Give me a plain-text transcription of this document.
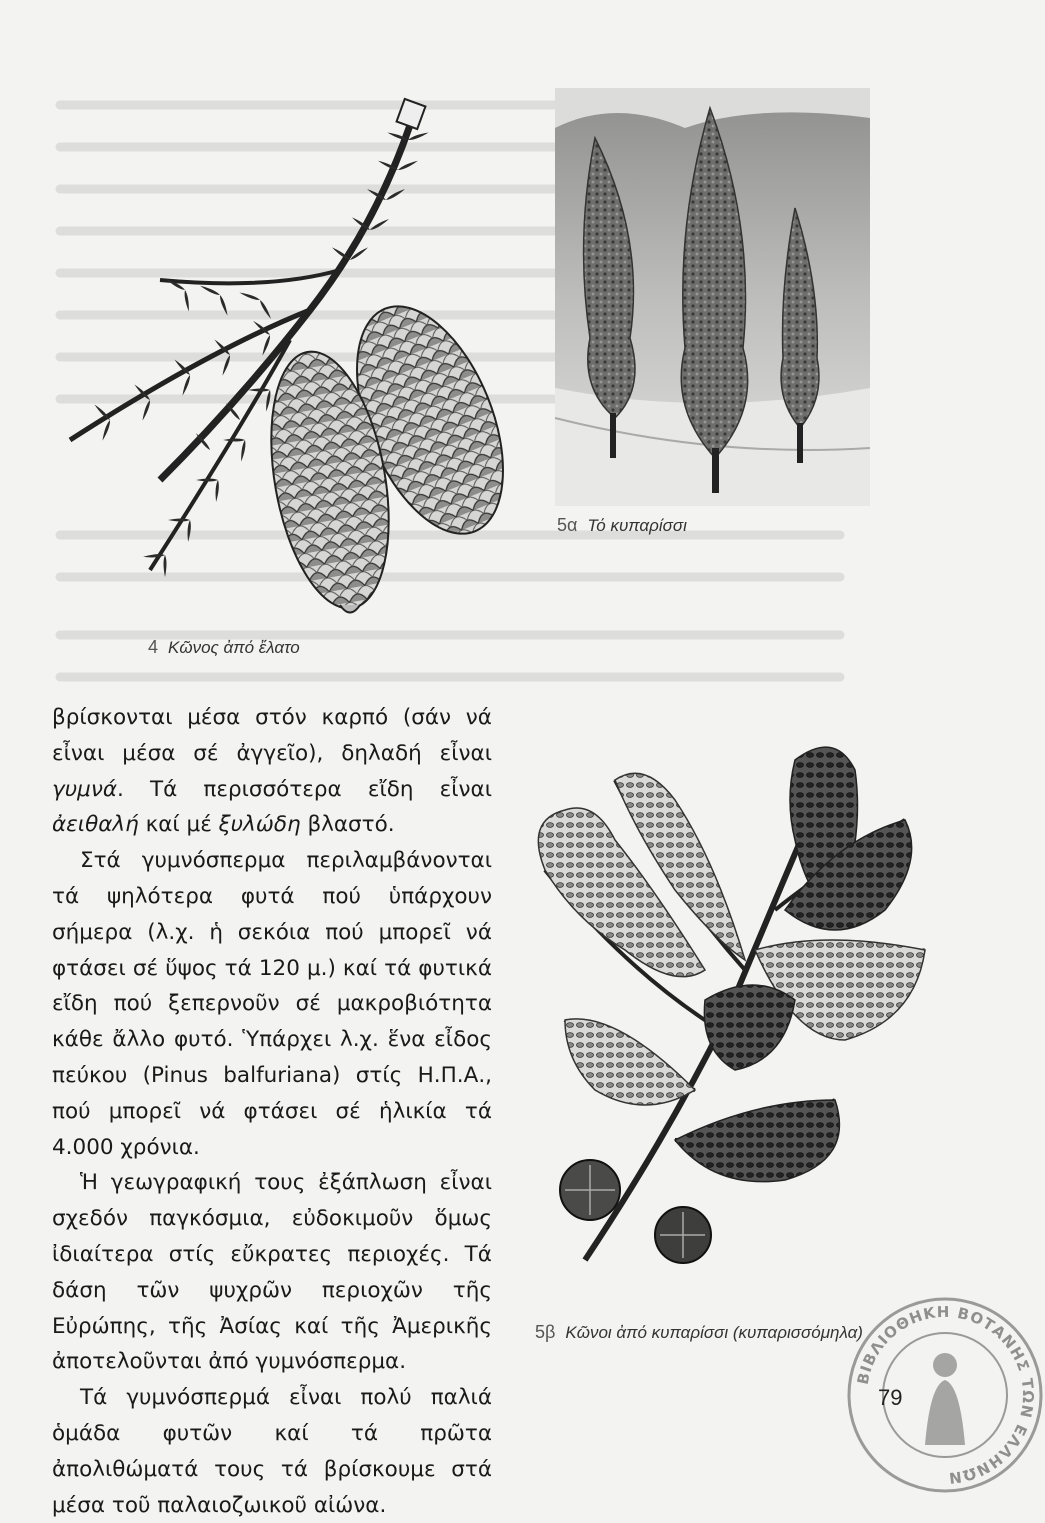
4 Κῶνος ἀπό ἔλατο
5α Τό κυπαρίσσι
5β Κῶνοι ἀπό κυπαρίσσι (κυπαρισσόμηλα)

βρίσκονται μέσα στόν καρπό (σάν νά εἶναι μέσα σέ ἀγγεῖο), δηλαδή εἶναι γυμνά. Τά περισσότερα εἴδη εἶναι ἀειθαλή καί μέ ξυλώδη βλαστό.

Στά γυμνόσπερμα περιλαμβάνονται τά ψηλότερα φυτά πού ὑπάρχουν σήμερα (λ.χ. ἡ σεκόια πού μπορεῖ νά φτάσει σέ ὕψος τά 120 μ.) καί τά φυτικά εἴδη πού ξεπερνοῦν σέ μακροβιότητα κάθε ἄλλο φυτό. Ὑπάρχει λ.χ. ἕνα εἶδος πεύκου (Pinus balfuriana) στίς Η.Π.Α., πού μπορεῖ νά φτάσει σέ ἡλικία τά 4.000 χρόνια.

Ἡ γεωγραφική τους ἐξάπλωση εἶναι σχεδόν παγκόσμια, εὐδοκιμοῦν ὅμως ἰδιαίτερα στίς εὔκρατες περιοχές. Τά δάση τῶν ψυχρῶν περιοχῶν τῆς Εὐρώπης, τῆς Ἀσίας καί τῆς Ἀμερικῆς ἀποτελοῦνται ἀπό γυμνόσπερμα.

Τά γυμνόσπερμά εἶναι πολύ παλιά ὁμάδα φυτῶν καί τά πρῶτα ἀπολιθώματά τους τά βρίσκουμε στά μέσα τοῦ παλαιοζωικοῦ αἰώνα.

ΒΙΒΛΙΟΘΗΚΗ ΒΟΤΑΝΗΣ ΤΩΝ ΕΛΛΗΝΩΝ
79
